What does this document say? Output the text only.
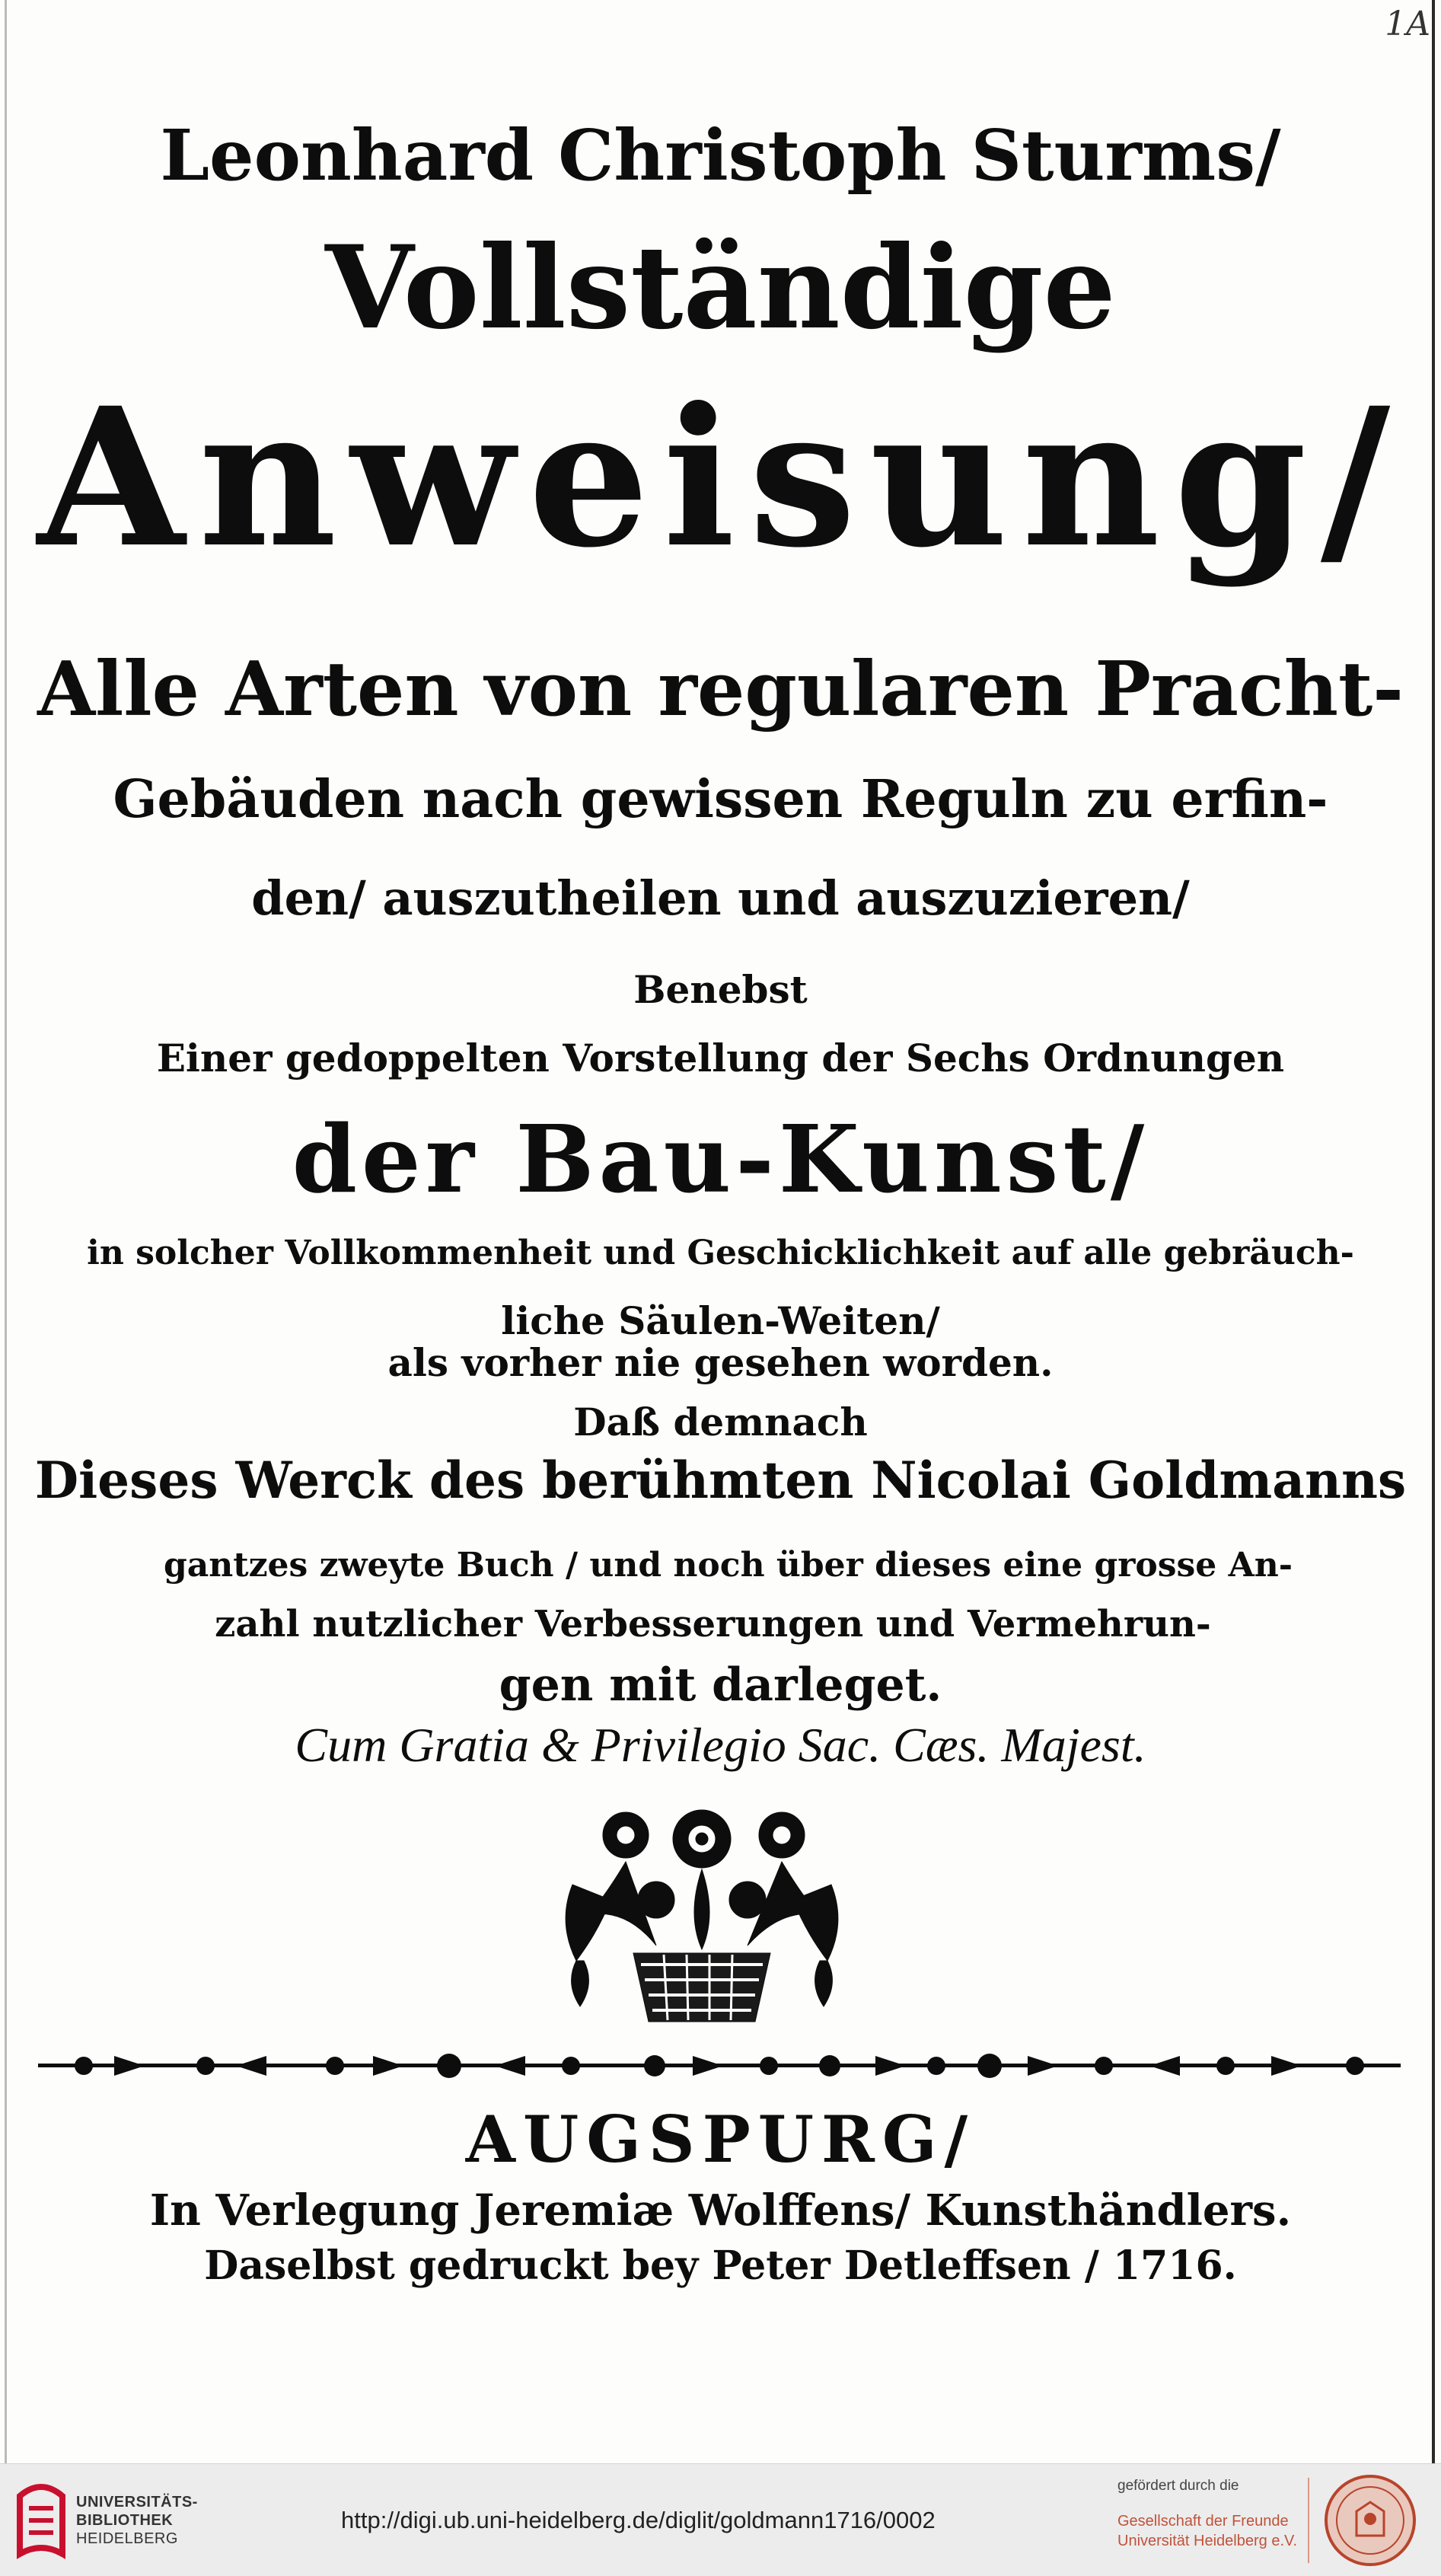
1A
Leonhard Christoph Sturms/
Vollständige
Anweisung/
Alle Arten von regularen Pracht-
Gebäuden nach gewissen Reguln zu erfin-
den/ auszutheilen und auszuzieren/
Benebst
Einer gedoppelten Vorstellung der Sechs Ordnungen
der Bau-Kunst/
in solcher Vollkommenheit und Geschicklichkeit auf alle gebräuch-
liche Säulen-Weiten/
als vorher nie gesehen worden.
Daß demnach
Dieses Werck des berühmten Nicolai Goldmanns
gantzes zweyte Buch / und noch über dieses eine grosse An-
zahl nutzlicher Verbesserungen und Vermehrun-
gen mit darleget.
Cum Gratia & Privilegio Sac. Cæs. Majest.
AUGSPURG/
In Verlegung Jeremiæ Wolffens/ Kunsthändlers.
Daselbst gedruckt bey Peter Detleffsen / 1716.
UNIVERSITÄTS-
BIBLIOTHEK
HEIDELBERG
http://digi.ub.uni-heidelberg.de/diglit/goldmann1716/0002
gefördert durch die
Gesellschaft der Freunde
Universität Heidelberg e.V.
